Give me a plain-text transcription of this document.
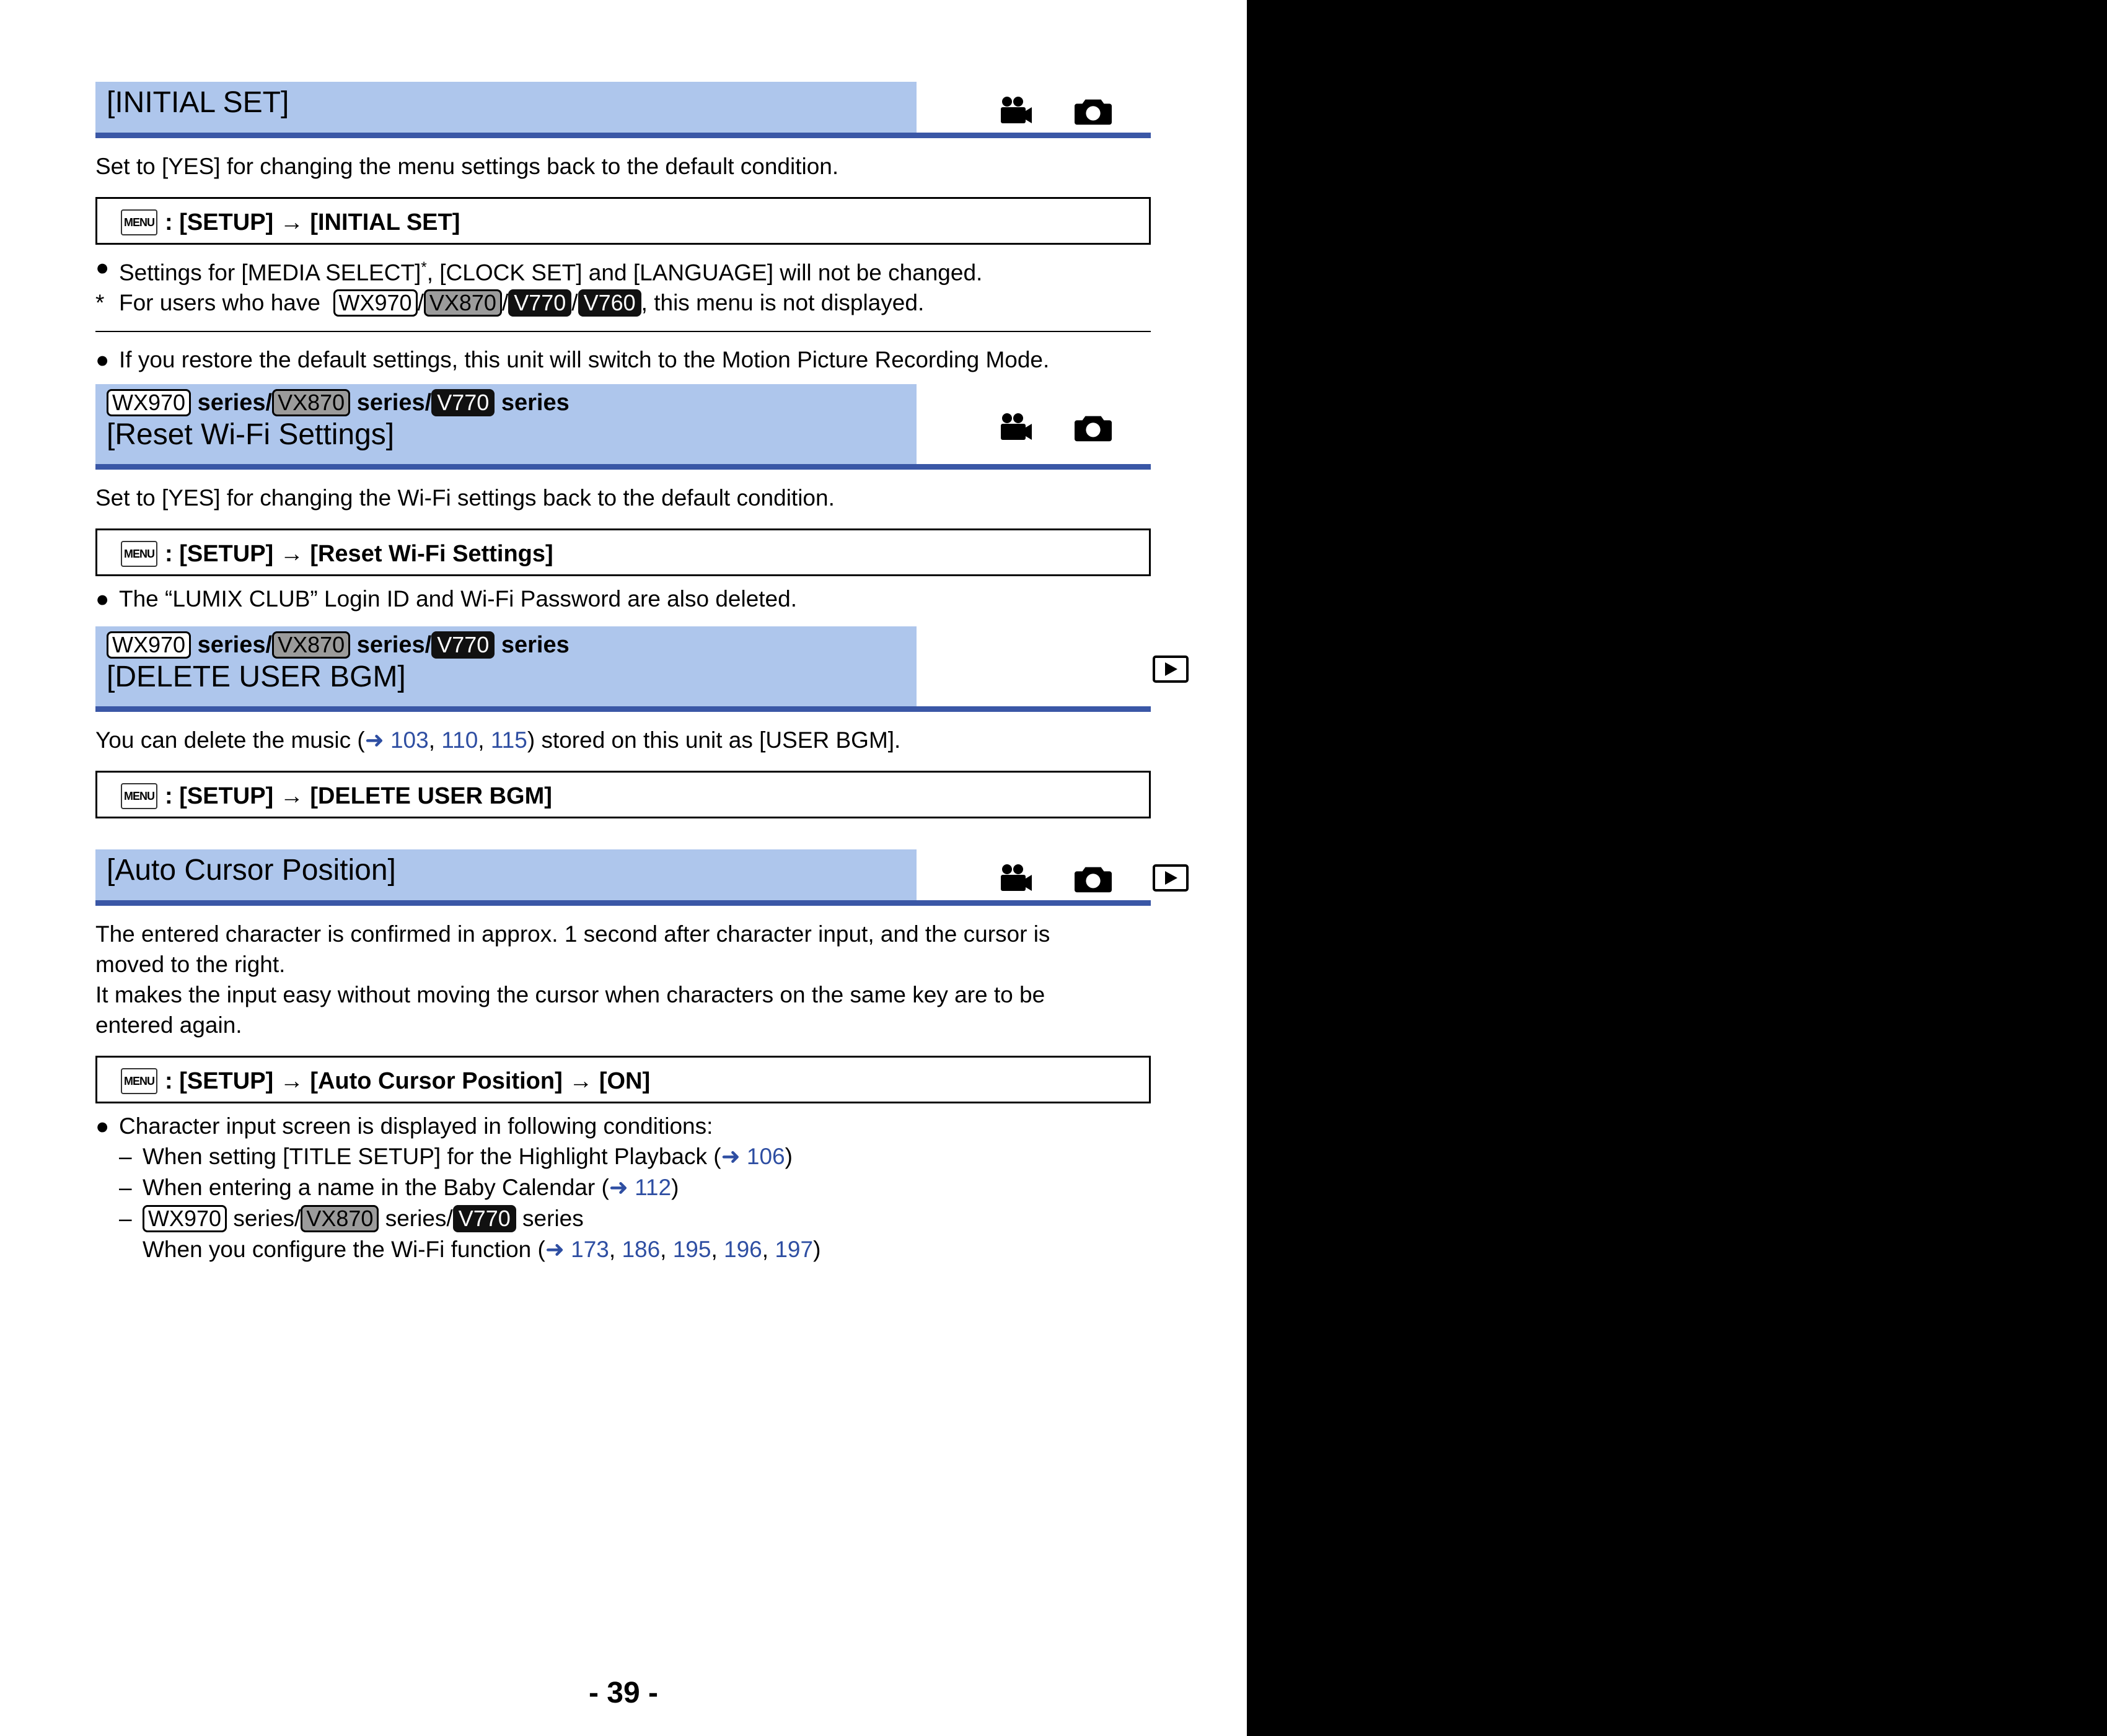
[INITIAL SET]

Set to [YES] for changing the menu settings back to the default condition.

MENU : [SETUP] → [INITIAL SET]

● Settings for [MEDIA SELECT]*, [CLOCK SET] and [LANGUAGE] will not be changed.

* For users who have WX970 / VX870 / V770 / V760 , this menu is not displayed.

● If you restore the default settings, this unit will switch to the Motion Picture Recording Mode.

WX970 series/ VX870 series/ V770 series
[Reset Wi-Fi Settings]

Set to [YES] for changing the Wi-Fi settings back to the default condition.

MENU : [SETUP] → [Reset Wi-Fi Settings]

● The “LUMIX CLUB” Login ID and Wi-Fi Password are also deleted.

WX970 series/ VX870 series/ V770 series
[DELETE USER BGM]

You can delete the music (➜ 103, 110, 115) stored on this unit as [USER BGM].

MENU : [SETUP] → [DELETE USER BGM]
[Auto Cursor Position]

The entered character is confirmed in approx. 1 second after character input, and the cursor is

moved to the right.

It makes the input easy without moving the cursor when characters on the same key are to be

entered again.

MENU : [SETUP] → [Auto Cursor Position] → [ON]

● Character input screen is displayed in following conditions:

– When setting [TITLE SETUP] for the Highlight Playback (➜ 106)

– When entering a name in the Baby Calendar (➜ 112)

– WX970 series/ VX870 series/ V770 series

When you configure the Wi-Fi function (➜ 173, 186, 195, 196, 197)

- 39 -
